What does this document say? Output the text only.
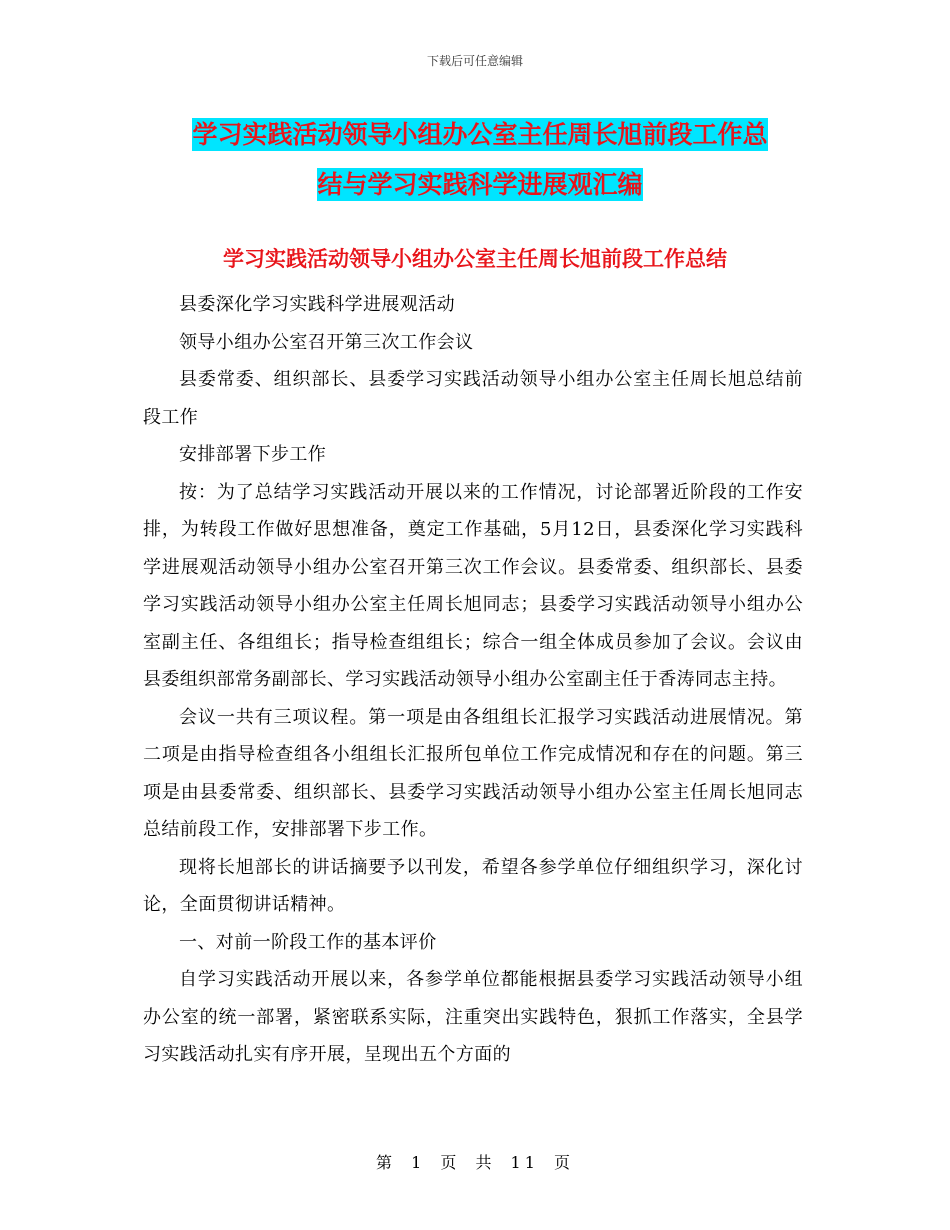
下载后可任意编辑
学习实践活动领导小组办公室主任周长旭前段工作总
结与学习实践科学进展观汇编
学习实践活动领导小组办公室主任周长旭前段工作总结

县委深化学习实践科学进展观活动

领导小组办公室召开第三次工作会议

县委常委、组织部长、县委学习实践活动领导小组办公室主任周长旭总结前段工作

安排部署下步工作

按：为了总结学习实践活动开展以来的工作情况，讨论部署近阶段的工作安排，为转段工作做好思想准备，奠定工作基础，5月12日，县委深化学习实践科学进展观活动领导小组办公室召开第三次工作会议。县委常委、组织部长、县委学习实践活动领导小组办公室主任周长旭同志；县委学习实践活动领导小组办公室副主任、各组组长；指导检查组组长；综合一组全体成员参加了会议。会议由县委组织部常务副部长、学习实践活动领导小组办公室副主任于香涛同志主持。

会议一共有三项议程。第一项是由各组组长汇报学习实践活动进展情况。第二项是由指导检查组各小组组长汇报所包单位工作完成情况和存在的问题。第三项是由县委常委、组织部长、县委学习实践活动领导小组办公室主任周长旭同志总结前段工作，安排部署下步工作。

现将长旭部长的讲话摘要予以刊发，希望各参学单位仔细组织学习，深化讨论，全面贯彻讲话精神。

一、对前一阶段工作的基本评价

自学习实践活动开展以来，各参学单位都能根据县委学习实践活动领导小组办公室的统一部署，紧密联系实际，注重突出实践特色，狠抓工作落实，全县学习实践活动扎实有序开展，呈现出五个方面的

第 1 页 共 11 页
